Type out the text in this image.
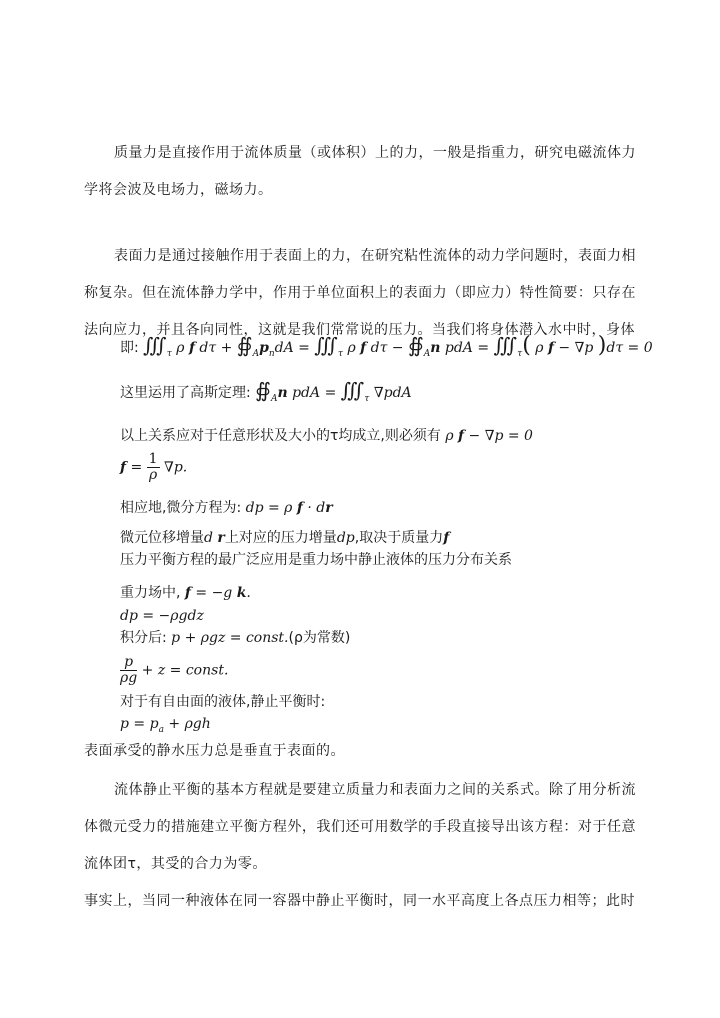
质量力是直接作用于流体质量（或体积）上的力，一般是指重力，研究电磁流体力学将会波及电场力，磁场力。

表面力是通过接触作用于表面上的力，在研究粘性流体的动力学问题时，表面力相称复杂。但在流体静力学中，作用于单位面积上的表面力（即应力）特性简要：只存在法向应力，并且各向同性，这就是我们常常说的压力。当我们将身体潜入水中时，身体

即: $∭_\tau$ ρ f $d\tau + ∯_Ap_ndA$ = $∭_\tau$ ρ f $d\tau - ∯_An$ pdA = $∭_\tau$( ρ f − ∇p )dτ = 0
这里运用了高斯定理: $∯_An$ pdA = $∭_\tau$ ∇pdA
以上关系应对于任意形状及大小的τ均成立,则必须有 ρ f − ∇p = 0
$f = \frac{1}{\rho} \nabla p$.
相应地,微分方程为: dp = ρ f · dr
微元位移增量d r上对应的压力增量dp,取决于质量力f
压力平衡方程的最广泛应用是重力场中静止液体的压力分布关系
重力场中, f = −g k.
dp = −ρgdz
积分后: p + ρgz = const.(ρ为常数)
$\frac{p}{\rho g} + z$ = const.
对于有自由面的液体,静止平衡时:
$p = p_a + \rho gh$

表面承受的静水压力总是垂直于表面的。

流体静止平衡的基本方程就是要建立质量力和表面力之间的关系式。除了用分析流体微元受力的措施建立平衡方程外，我们还可用数学的手段直接导出该方程：对于任意流体团τ，其受的合力为零。

事实上，当同一种液体在同一容器中静止平衡时，同一水平高度上各点压力相等；此时
